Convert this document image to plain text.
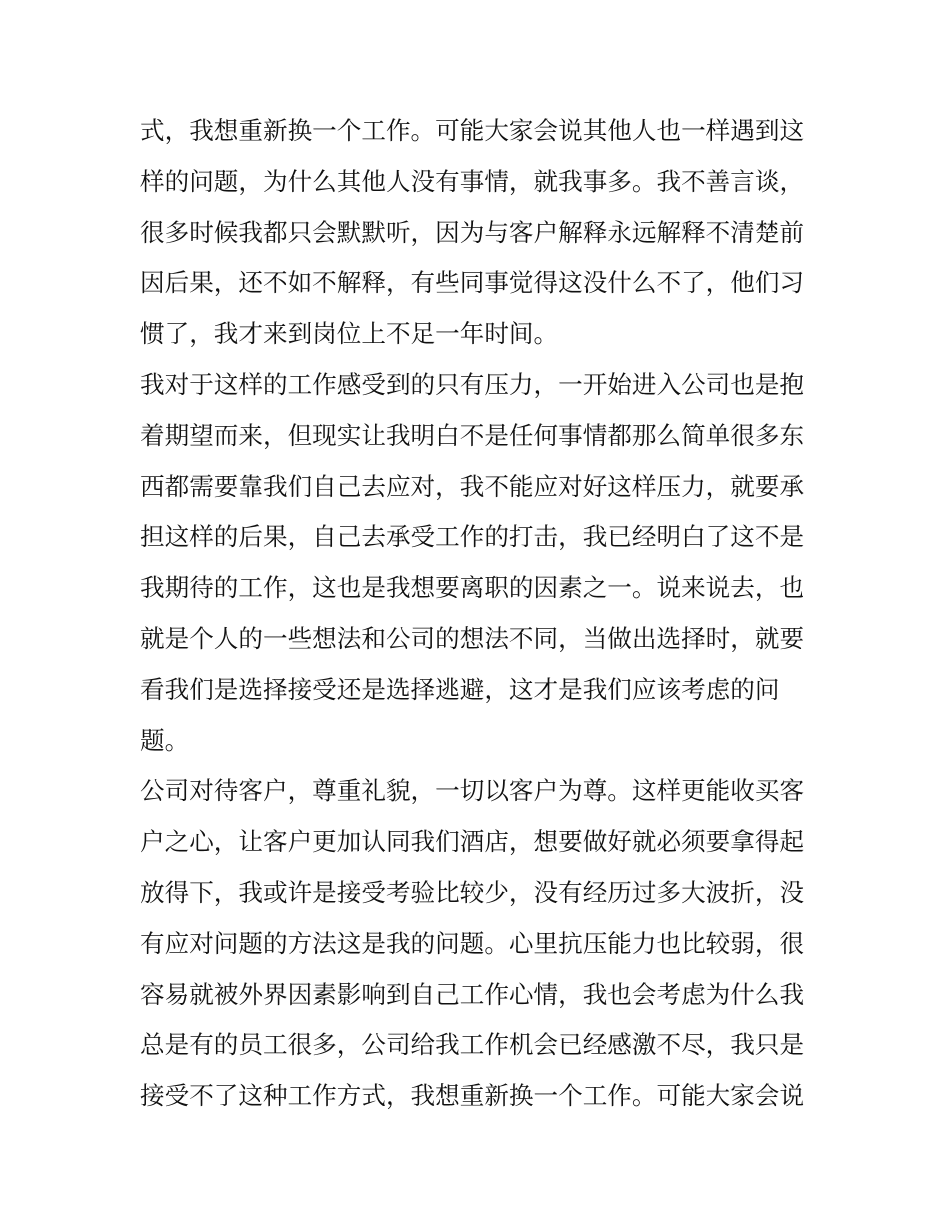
式，我想重新换一个工作。可能大家会说其他人也一样遇到这
样的问题，为什么其他人没有事情，就我事多。我不善言谈，
很多时候我都只会默默听，因为与客户解释永远解释不清楚前
因后果，还不如不解释，有些同事觉得这没什么不了，他们习
惯了，我才来到岗位上不足一年时间。
我对于这样的工作感受到的只有压力，一开始进入公司也是抱
着期望而来，但现实让我明白不是任何事情都那么简单很多东
西都需要靠我们自己去应对，我不能应对好这样压力，就要承
担这样的后果，自己去承受工作的打击，我已经明白了这不是
我期待的工作，这也是我想要离职的因素之一。说来说去，也
就是个人的一些想法和公司的想法不同，当做出选择时，就要
看我们是选择接受还是选择逃避，这才是我们应该考虑的问
题。
公司对待客户，尊重礼貌，一切以客户为尊。这样更能收买客
户之心，让客户更加认同我们酒店，想要做好就必须要拿得起
放得下，我或许是接受考验比较少，没有经历过多大波折，没
有应对问题的方法这是我的问题。心里抗压能力也比较弱，很
容易就被外界因素影响到自己工作心情，我也会考虑为什么我
总是有的员工很多，公司给我工作机会已经感激不尽，我只是
接受不了这种工作方式，我想重新换一个工作。可能大家会说
